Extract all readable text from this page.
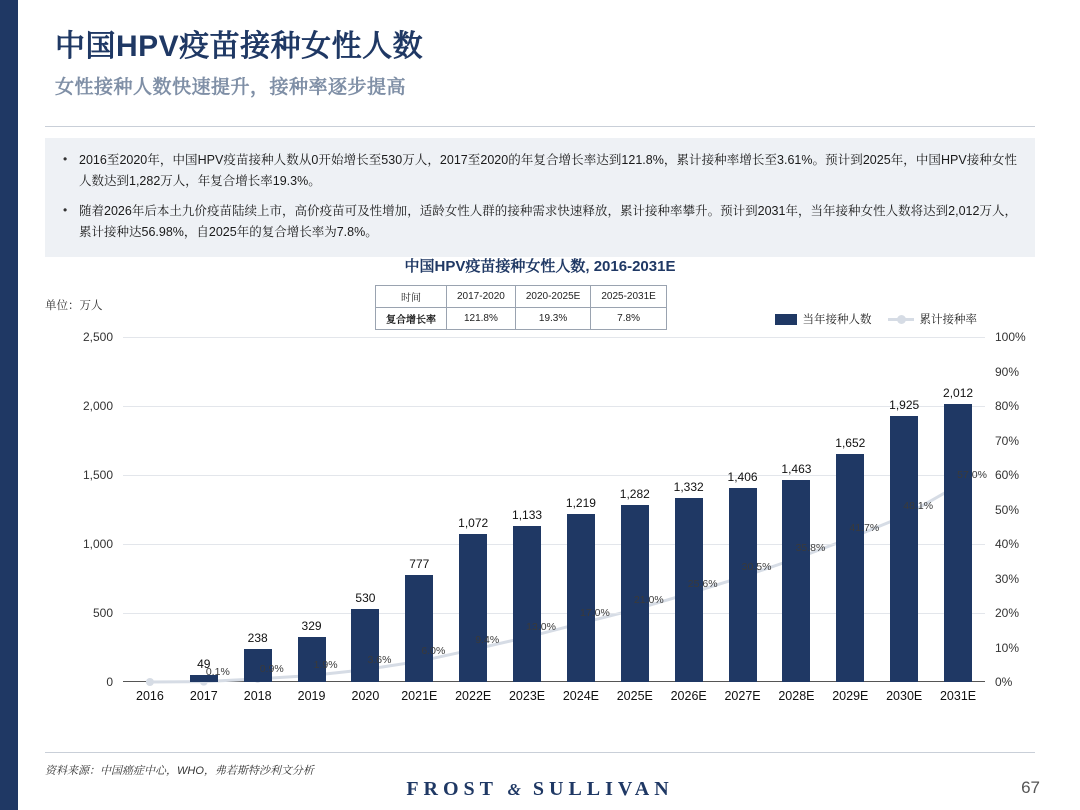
中国HPV疫苗接种女性人数
女性接种人数快速提升，接种率逐步提高
• 2016至2020年，中国HPV疫苗接种人数从0开始增长至530万人，2017至2020的年复合增长率达到121.8%，累计接种率增长至3.61%。预计到2025年，中国HPV接种女性人数达到1,282万人，年复合增长率19.3%。
• 随着2026年后本土九价疫苗陆续上市，高价疫苗可及性增加，适龄女性人群的接种需求快速释放，累计接种率攀升。预计到2031年，当年接种女性人数将达到2,012万人，累计接种达56.98%，自2025年的复合增长率为7.8%。
中国HPV疫苗接种女性人数, 2016-2031E
单位：万人
时间	2017-2020	2020-2025E	2025-2031E
复合增长率	121.8%	19.3%	7.8%	当年接种人数	累计接种率
0
500
1,000
1,500
2,000
2,500
0%
10%
20%
30%
40%
50%
60%
70%
80%
90%
100%
2016
49
2017
238
2018
329
2019
530
2020
777
2021E
1,072
2022E
1,133
2023E
1,219
2024E
1,282
2025E
1,332
2026E
1,406
2027E
1,463
2028E
1,652
2029E
1,925
2030E
2,012
2031E
0.1%	0.9%	1.9%	3.6%
6.0%
9.4%
13.0%
17.0%
21.0%
25.6%
30.5%
35.8%
41.7%
48.1%
57.0%
资料来源：中国癌症中心，WHO，弗若斯特沙利文分析
FROST & SULLIVAN	67
